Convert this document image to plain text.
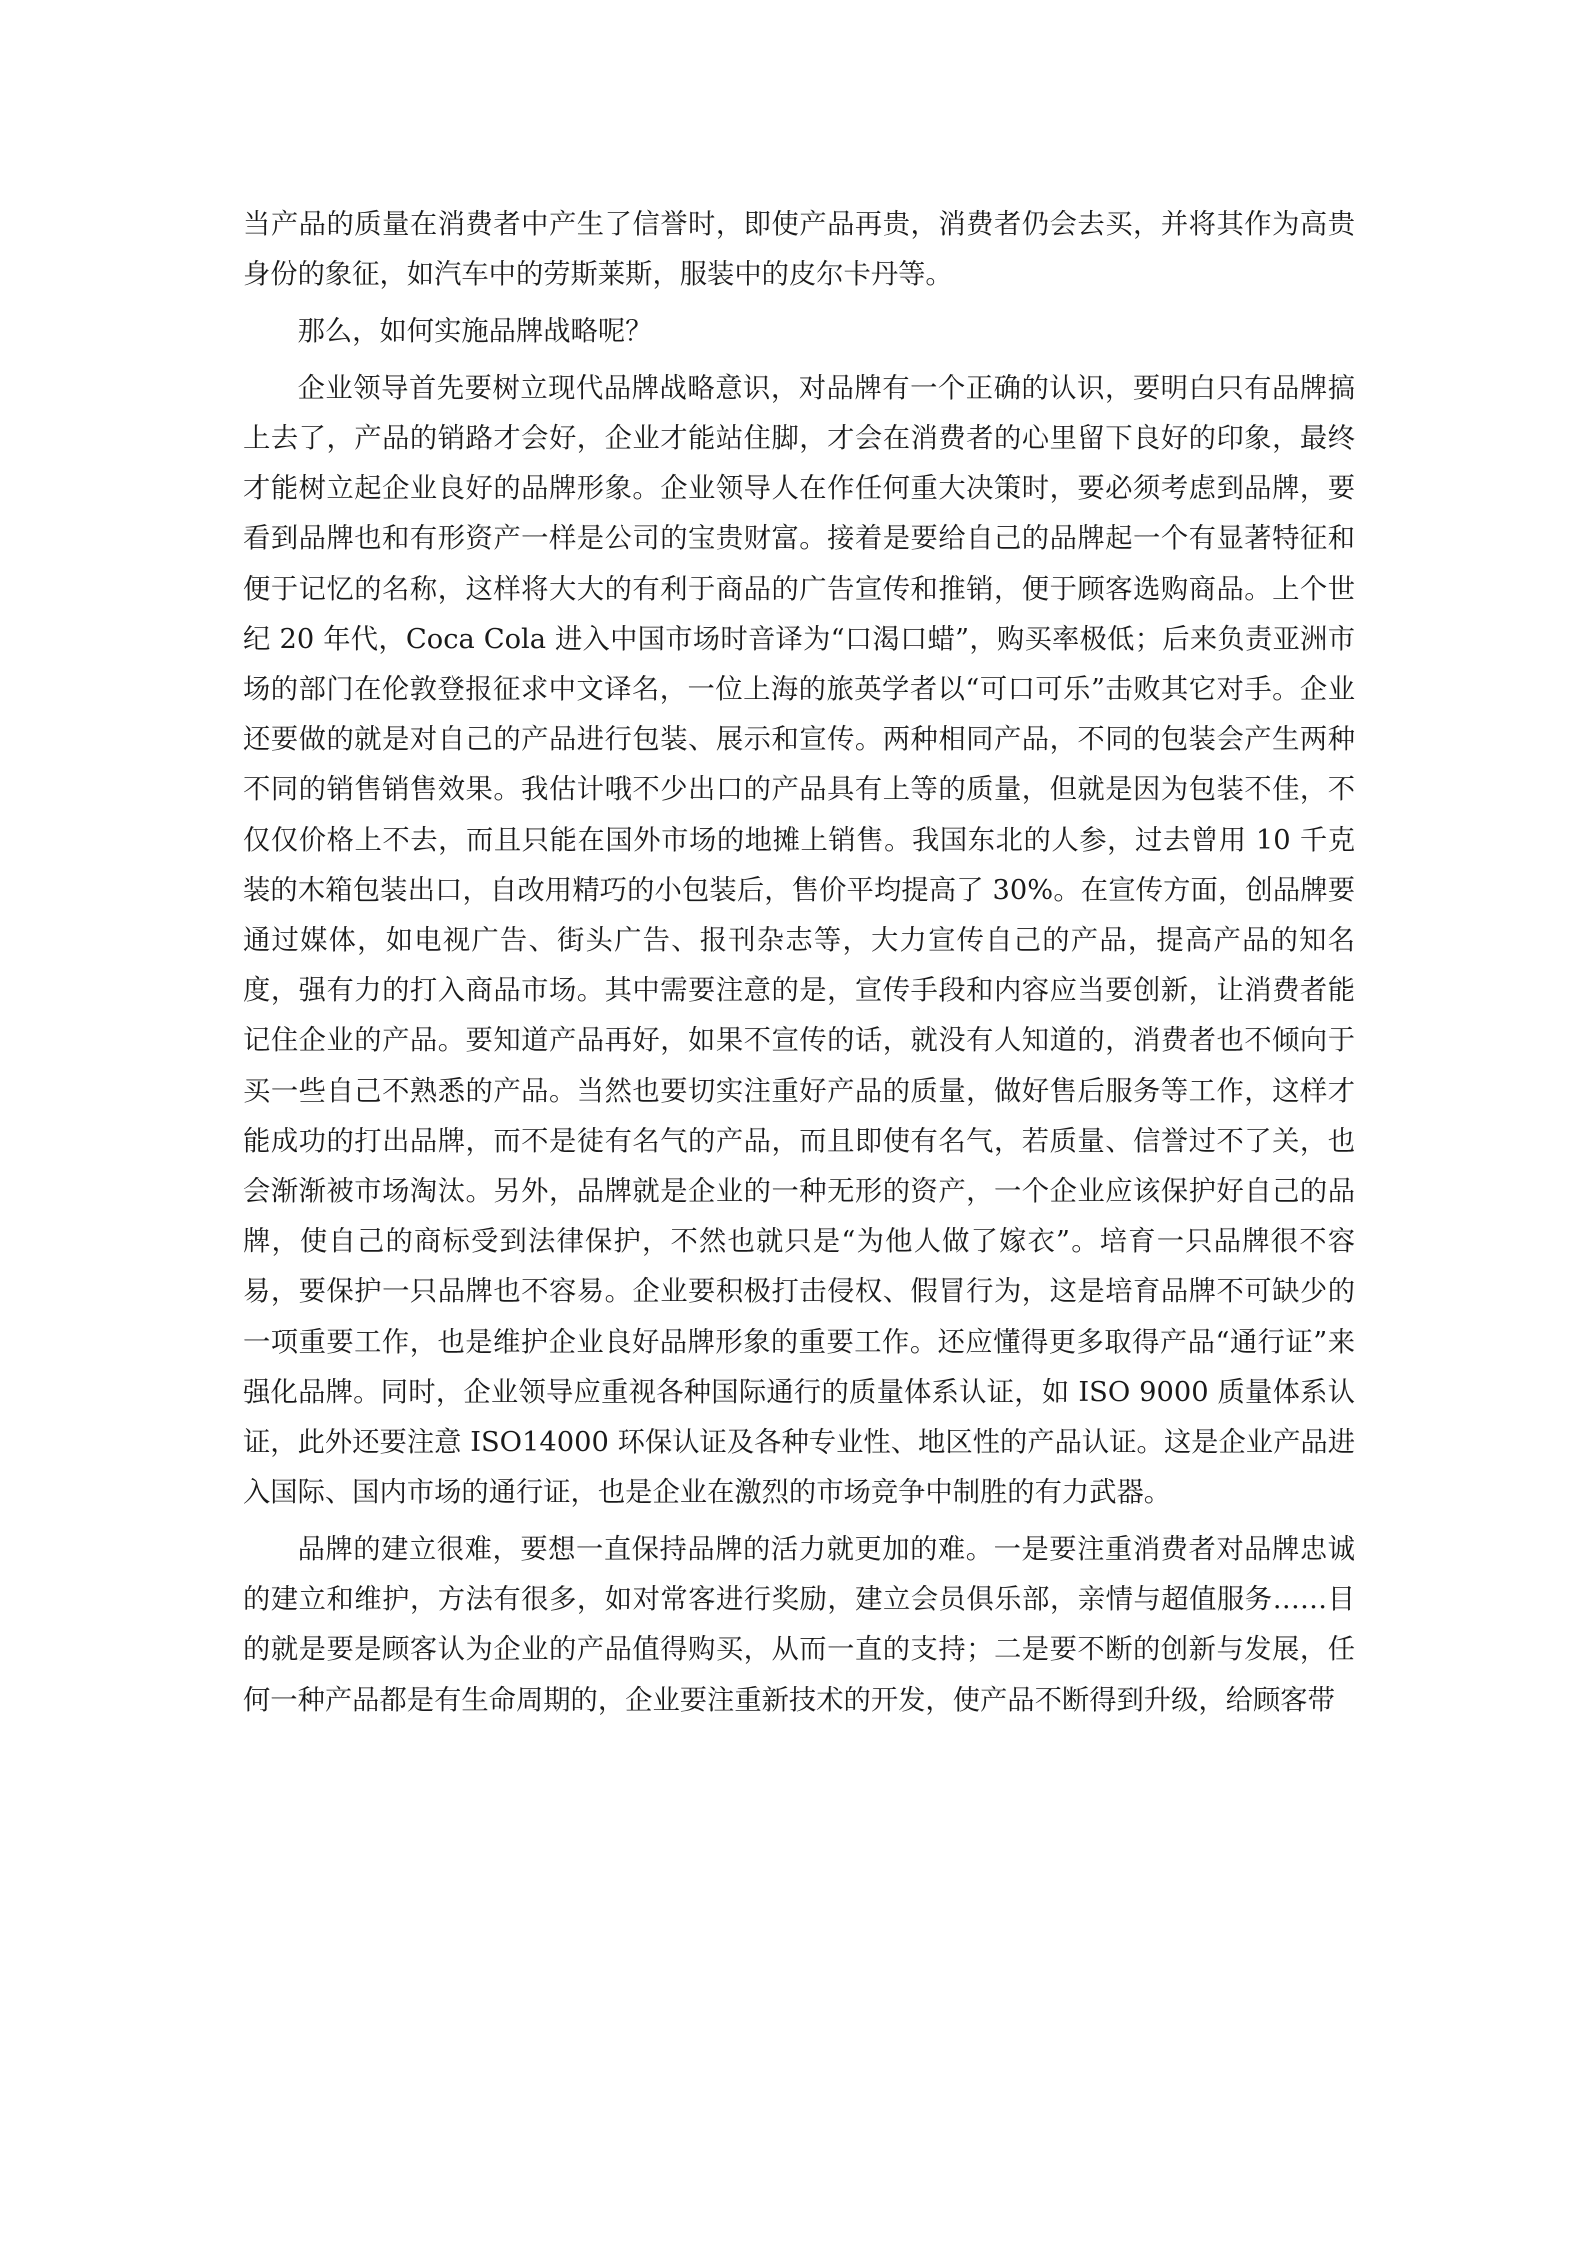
当产品的质量在消费者中产生了信誉时，即使产品再贵，消费者仍会去买，并将其作为高贵身份的象征，如汽车中的劳斯莱斯，服装中的皮尔卡丹等。

那么，如何实施品牌战略呢？

企业领导首先要树立现代品牌战略意识，对品牌有一个正确的认识，要明白只有品牌搞上去了，产品的销路才会好，企业才能站住脚，才会在消费者的心里留下良好的印象，最终才能树立起企业良好的品牌形象。企业领导人在作任何重大决策时，要必须考虑到品牌，要看到品牌也和有形资产一样是公司的宝贵财富。接着是要给自己的品牌起一个有显著特征和便于记忆的名称，这样将大大的有利于商品的广告宣传和推销，便于顾客选购商品。上个世纪 20 年代，Coca Cola 进入中国市场时音译为“口渴口蜡”，购买率极低；后来负责亚洲市场的部门在伦敦登报征求中文译名，一位上海的旅英学者以“可口可乐”击败其它对手。企业还要做的就是对自己的产品进行包装、展示和宣传。两种相同产品，不同的包装会产生两种不同的销售销售效果。我估计哦不少出口的产品具有上等的质量，但就是因为包装不佳，不仅仅价格上不去，而且只能在国外市场的地摊上销售。我国东北的人参，过去曾用 10 千克装的木箱包装出口，自改用精巧的小包装后，售价平均提高了 30%。在宣传方面，创品牌要通过媒体，如电视广告、街头广告、报刊杂志等，大力宣传自己的产品，提高产品的知名度，强有力的打入商品市场。其中需要注意的是，宣传手段和内容应当要创新，让消费者能记住企业的产品。要知道产品再好，如果不宣传的话，就没有人知道的，消费者也不倾向于买一些自己不熟悉的产品。当然也要切实注重好产品的质量，做好售后服务等工作，这样才能成功的打出品牌，而不是徒有名气的产品，而且即使有名气，若质量、信誉过不了关，也会渐渐被市场淘汰。另外，品牌就是企业的一种无形的资产，一个企业应该保护好自己的品牌，使自己的商标受到法律保护，不然也就只是“为他人做了嫁衣”。培育一只品牌很不容易，要保护一只品牌也不容易。企业要积极打击侵权、假冒行为，这是培育品牌不可缺少的一项重要工作，也是维护企业良好品牌形象的重要工作。还应懂得更多取得产品“通行证”来强化品牌。同时，企业领导应重视各种国际通行的质量体系认证，如 ISO 9000 质量体系认证，此外还要注意 ISO14000 环保认证及各种专业性、地区性的产品认证。这是企业产品进入国际、国内市场的通行证，也是企业在激烈的市场竞争中制胜的有力武器。

品牌的建立很难，要想一直保持品牌的活力就更加的难。一是要注重消费者对品牌忠诚的建立和维护，方法有很多，如对常客进行奖励，建立会员俱乐部，亲情与超值服务……目的就是要是顾客认为企业的产品值得购买，从而一直的支持；二是要不断的创新与发展，任何一种产品都是有生命周期的，企业要注重新技术的开发，使产品不断得到升级，给顾客带
